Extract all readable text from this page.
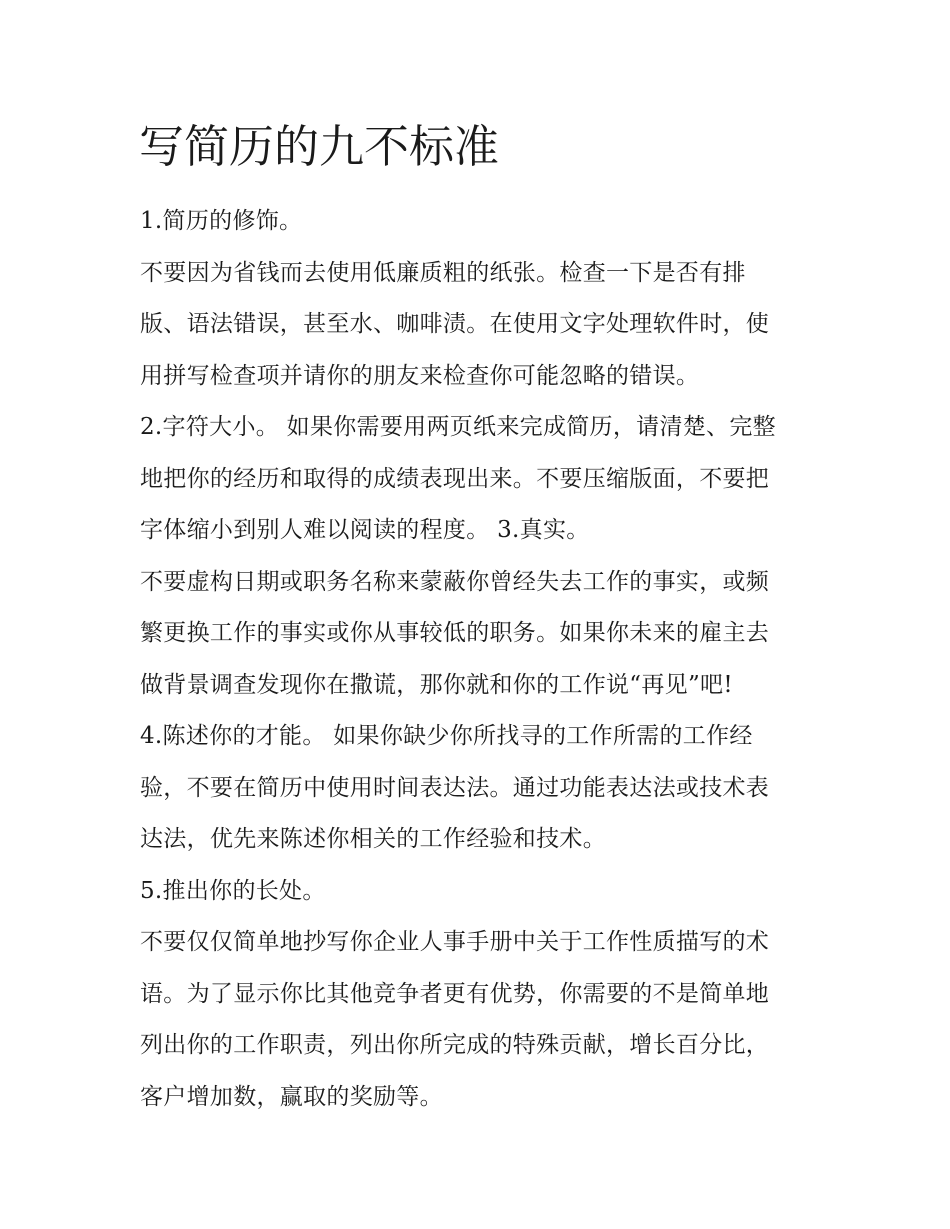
写简历的九不标准
1.简历的修饰。
不要因为省钱而去使用低廉质粗的纸张。检查一下是否有排
版、语法错误，甚至水、咖啡渍。在使用文字处理软件时，使
用拼写检查项并请你的朋友来检查你可能忽略的错误。
2.字符大小。 如果你需要用两页纸来完成简历，请清楚、完整
地把你的经历和取得的成绩表现出来。不要压缩版面，不要把
字体缩小到别人难以阅读的程度。 3.真实。
不要虚构日期或职务名称来蒙蔽你曾经失去工作的事实，或频
繁更换工作的事实或你从事较低的职务。如果你未来的雇主去
做背景调查发现你在撒谎，那你就和你的工作说“再见”吧!
4.陈述你的才能。 如果你缺少你所找寻的工作所需的工作经
验，不要在简历中使用时间表达法。通过功能表达法或技术表
达法，优先来陈述你相关的工作经验和技术。
5.推出你的长处。
不要仅仅简单地抄写你企业人事手册中关于工作性质描写的术
语。为了显示你比其他竞争者更有优势，你需要的不是简单地
列出你的工作职责，列出你所完成的特殊贡献，增长百分比，
客户增加数，赢取的奖励等。
